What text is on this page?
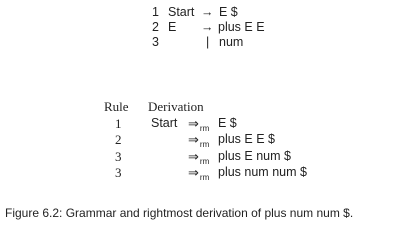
1 Start → E $
2 E → plus E E
3	| num
Rule Derivation
1
2
3
3
Start ⇒rm E $
⇒rm plus E E $
⇒rm plus E num $
⇒rm plus num num $
Figure 6.2: Grammar and rightmost derivation of plus num num $.
